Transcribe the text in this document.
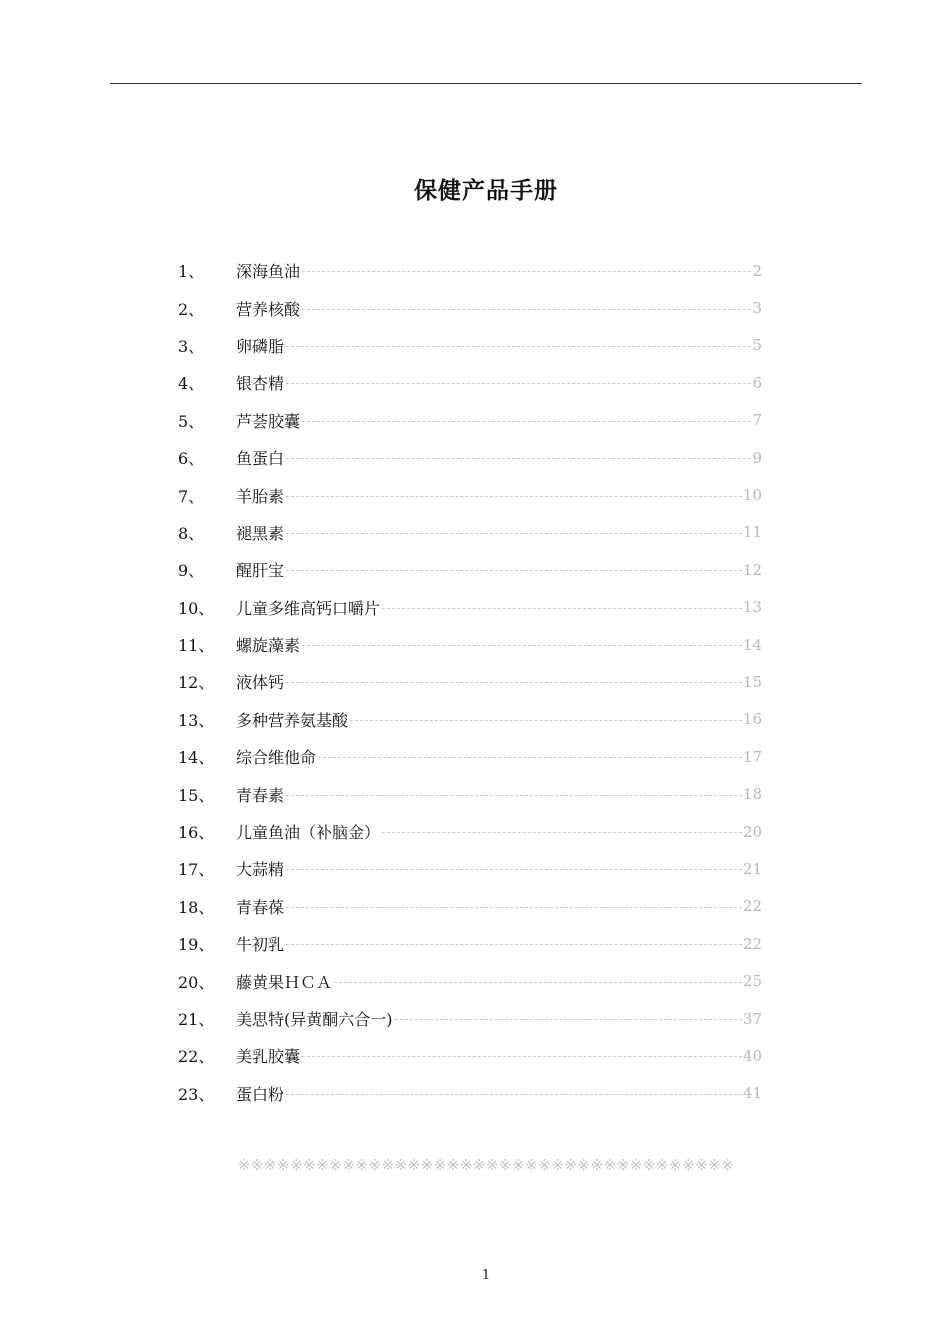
保健产品手册
1、	深海鱼油	2
2、	营养核酸	3
3、	卵磷脂	5
4、	银杏精	6
5、	芦荟胶囊	7
6、	鱼蛋白	9
7、	羊胎素	10
8、	褪黑素	11
9、	醒肝宝	12
10、	儿童多维高钙口嚼片	13
11、	螺旋藻素	14
12、	液体钙	15
13、	多种营养氨基酸	16
14、	综合维他命	17
15、	青春素	18
16、	儿童鱼油（补脑金）	20
17、	大蒜精	21
18、	青春葆	22
19、	牛初乳	22
20、	藤黄果ＨＣＡ	25
21、	美思特(异黄酮六合一)	37
22、	美乳胶囊	40
23、	蛋白粉	41
※※※※※※※※※※※※※※※※※※※※※※※※※※※※※※※※※※※※※※
1
